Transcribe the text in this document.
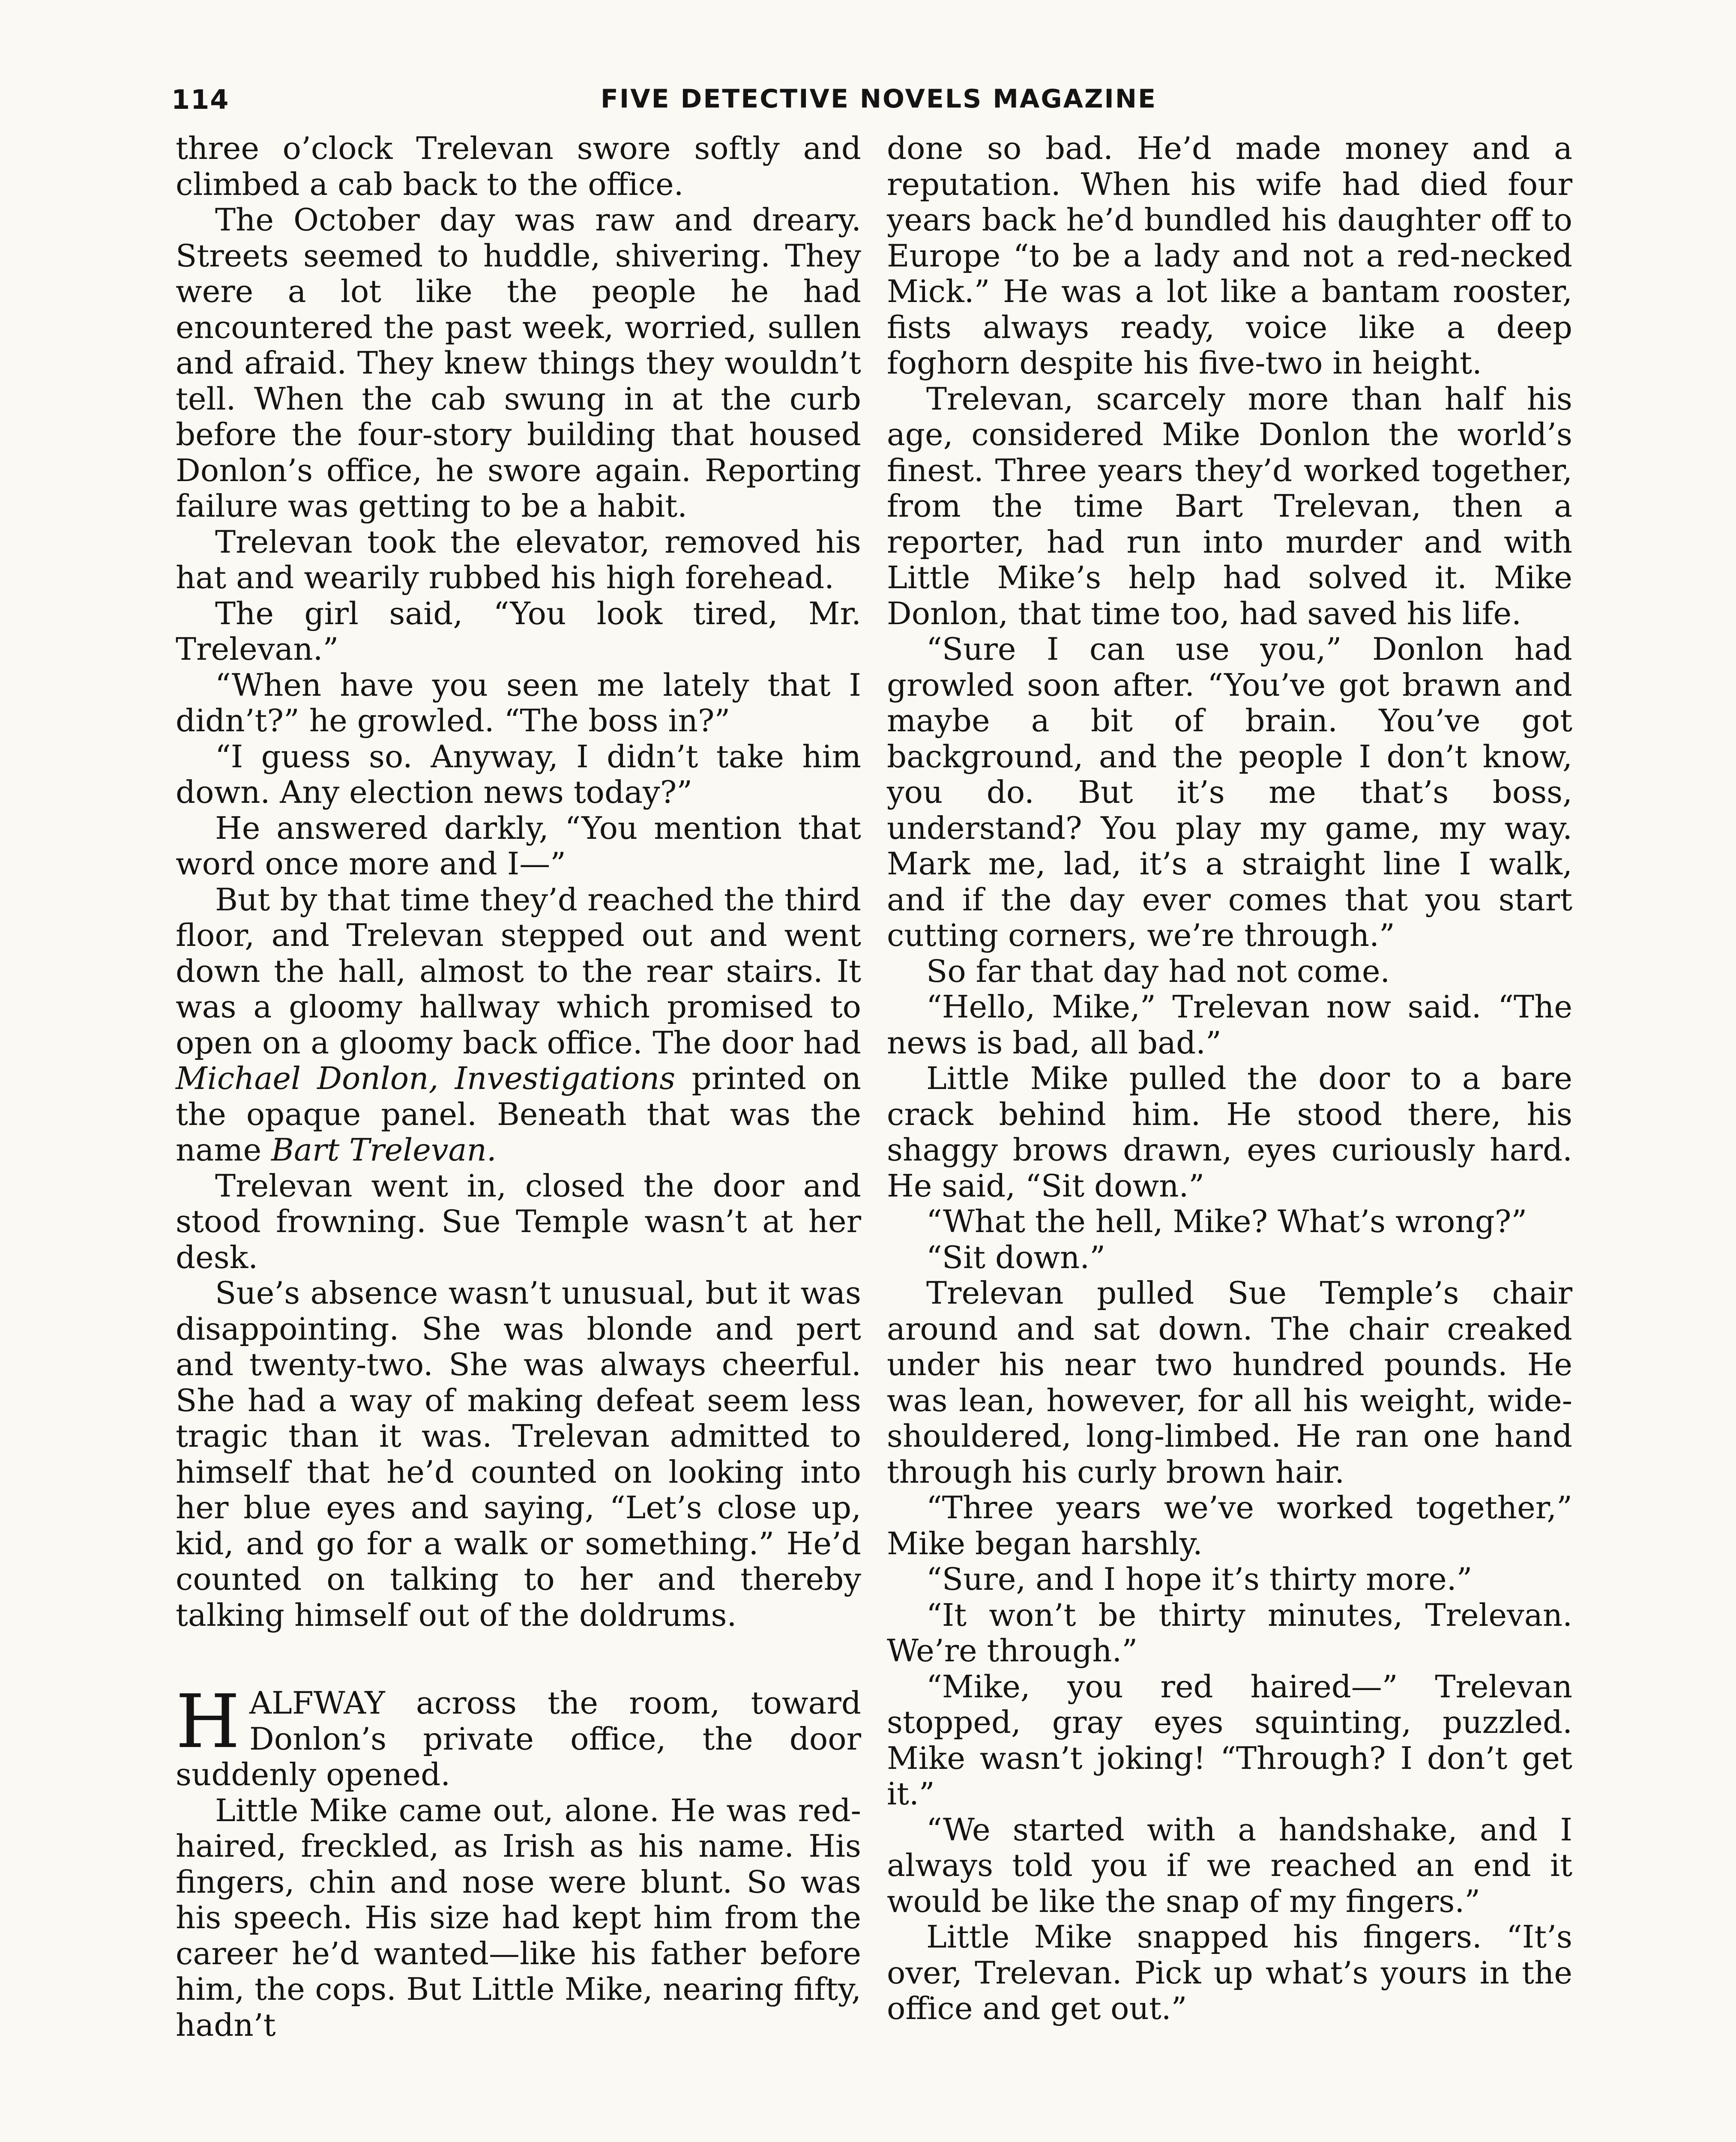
114	FIVE DETECTIVE NOVELS MAGAZINE

three o’clock Trelevan swore softly and climbed a cab back to the office.

The October day was raw and dreary. Streets seemed to huddle, shivering. They were a lot like the people he had encountered the past week, worried, sullen and afraid. They knew things they wouldn’t tell. When the cab swung in at the curb before the four-story building that housed Donlon’s office, he swore again. Reporting failure was getting to be a habit.

Trelevan took the elevator, removed his hat and wearily rubbed his high forehead.

The girl said, “You look tired, Mr. Trelevan.”

“When have you seen me lately that I didn’t?” he growled. “The boss in?”

“I guess so. Anyway, I didn’t take him down. Any election news today?”

He answered darkly, “You mention that word once more and I—”

But by that time they’d reached the third floor, and Trelevan stepped out and went down the hall, almost to the rear stairs. It was a gloomy hallway which promised to open on a gloomy back office. The door had Michael Donlon, Investigations printed on the opaque panel. Beneath that was the name Bart Trelevan.

Trelevan went in, closed the door and stood frowning. Sue Temple wasn’t at her desk.

Sue’s absence wasn’t unusual, but it was disappointing. She was blonde and pert and twenty-two. She was always cheerful. She had a way of making defeat seem less tragic than it was. Trelevan admitted to himself that he’d counted on looking into her blue eyes and saying, “Let’s close up, kid, and go for a walk or something.” He’d counted on talking to her and thereby talking himself out of the doldrums.

HALFWAY across the room, toward Donlon’s private office, the door suddenly opened.

Little Mike came out, alone. He was red-haired, freckled, as Irish as his name. His fingers, chin and nose were blunt. So was his speech. His size had kept him from the career he’d wanted—like his father before him, the cops. But Little Mike, nearing fifty, hadn’t

done so bad. He’d made money and a reputation. When his wife had died four years back he’d bundled his daughter off to Europe “to be a lady and not a red-necked Mick.” He was a lot like a bantam rooster, fists always ready, voice like a deep foghorn despite his five-two in height.

Trelevan, scarcely more than half his age, considered Mike Donlon the world’s finest. Three years they’d worked together, from the time Bart Trelevan, then a reporter, had run into murder and with Little Mike’s help had solved it. Mike Donlon, that time too, had saved his life.

“Sure I can use you,” Donlon had growled soon after. “You’ve got brawn and maybe a bit of brain. You’ve got background, and the people I don’t know, you do. But it’s me that’s boss, understand? You play my game, my way. Mark me, lad, it’s a straight line I walk, and if the day ever comes that you start cutting corners, we’re through.”

So far that day had not come.

“Hello, Mike,” Trelevan now said. “The news is bad, all bad.”

Little Mike pulled the door to a bare crack behind him. He stood there, his shaggy brows drawn, eyes curiously hard. He said, “Sit down.”

“What the hell, Mike? What’s wrong?”

“Sit down.”

Trelevan pulled Sue Temple’s chair around and sat down. The chair creaked under his near two hundred pounds. He was lean, however, for all his weight, wide-shouldered, long-limbed. He ran one hand through his curly brown hair.

“Three years we’ve worked together,” Mike began harshly.

“Sure, and I hope it’s thirty more.”

“It won’t be thirty minutes, Trelevan. We’re through.”

“Mike, you red haired—” Trelevan stopped, gray eyes squinting, puzzled. Mike wasn’t joking! “Through? I don’t get it.”

“We started with a handshake, and I always told you if we reached an end it would be like the snap of my fingers.”

Little Mike snapped his fingers. “It’s over, Trelevan. Pick up what’s yours in the office and get out.”
